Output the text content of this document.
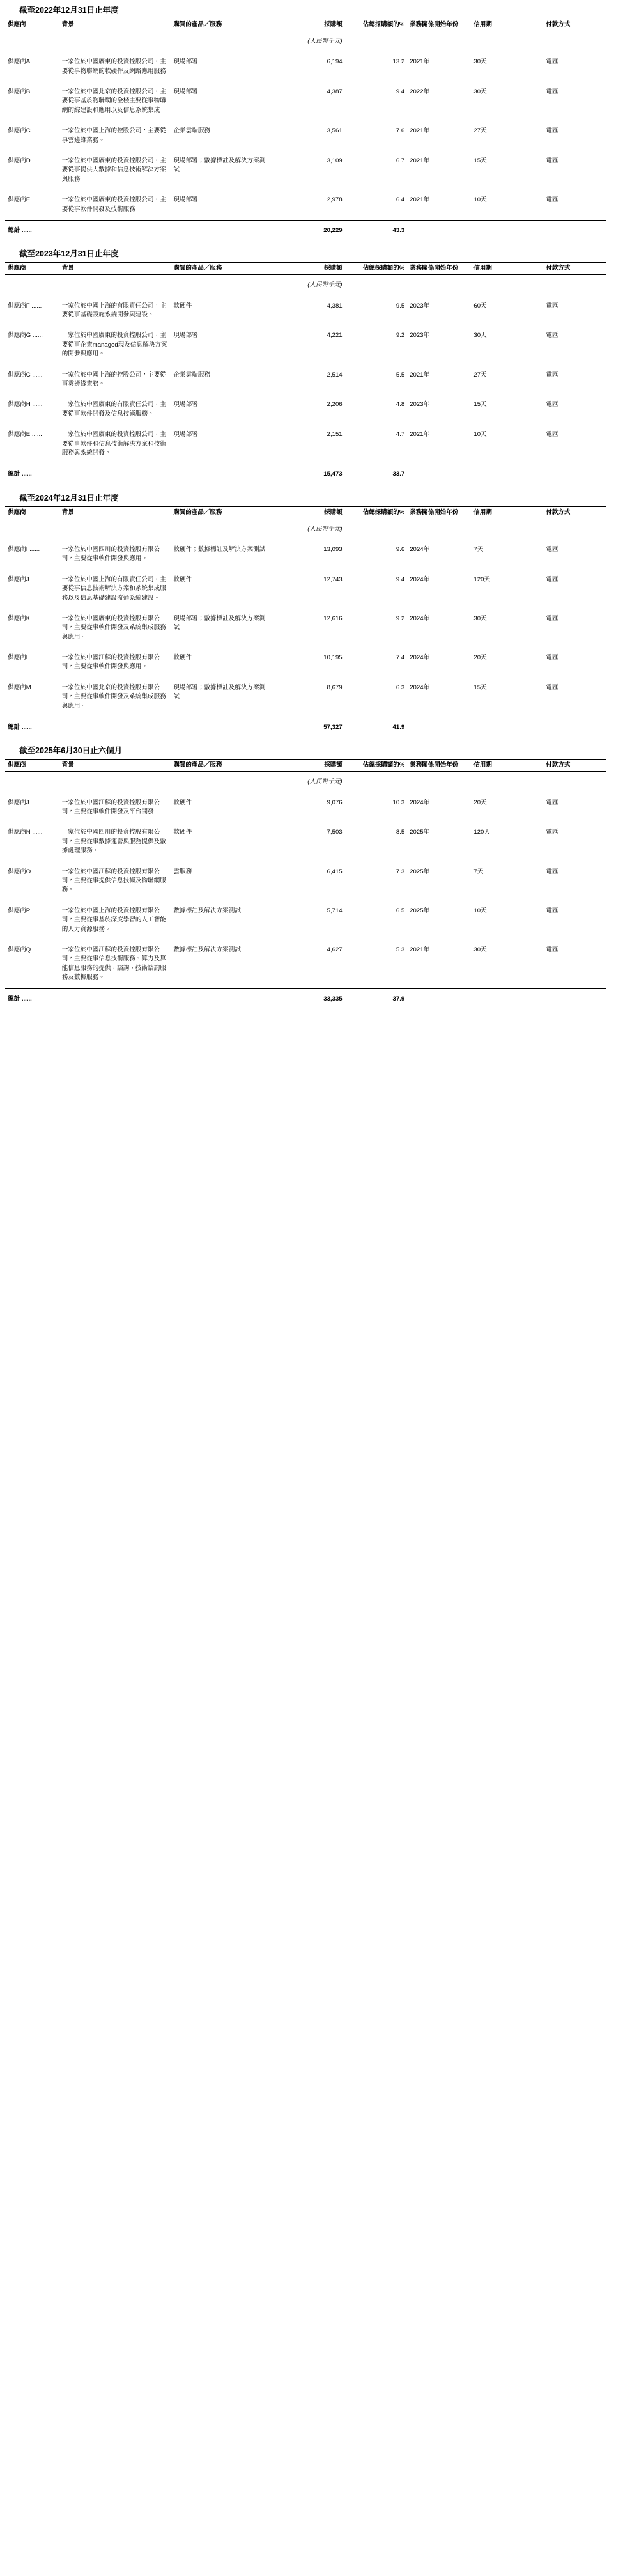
截至2022年12月31日止年度
供應商	背景	購買的產品／服務	採購額	佔總採購額的%	業務關係開始年份	信用期	付款方式
			(人民幣千元)				
供應商A ......	一家位於中國廣東的投資控股公司，主要從事物聯網的軟硬件及網路應用服務	現場部署	6,194	13.2	2021年	30天	電匯
供應商B ......	一家位於中國北京的投資控股公司，主要從事基於物聯網的全棧主要從事物聯網的綜建設和應用以及信息系統集成	現場部署	4,387	9.4	2022年	30天	電匯
供應商C ......	一家位於中國上海的控股公司，主要從事雲邊緣業務。	企業雲端服務	3,561	7.6	2021年	27天	電匯
供應商D ......	一家位於中國廣東的投資控股公司，主要從事提供大數據和信息技術解決方案與服務	現場部署；數據標註及解決方案測試	3,109	6.7	2021年	15天	電匯
供應商E ......	一家位於中國廣東的投資控股公司，主要從事軟件開發及技術服務	現場部署	2,978	6.4	2021年	10天	電匯
總計 ......			20,229	43.3			
截至2023年12月31日止年度
供應商	背景	購買的產品／服務	採購額	佔總採購額的%	業務關係開始年份	信用期	付款方式
			(人民幣千元)				
供應商F ......	一家位於中國上海的有限責任公司，主要從事基礎設施系統開發與建設。	軟硬件	4,381	9.5	2023年	60天	電匯
供應商G ......	一家位於中國廣東的投資控股公司，主要從事企業managed現及信息解決方案的開發與應用。	現場部署	4,221	9.2	2023年	30天	電匯
供應商C ......	一家位於中國上海的控股公司，主要從事雲邊緣業務。	企業雲端服務	2,514	5.5	2021年	27天	電匯
供應商H ......	一家位於中國廣東的有限責任公司，主要從事軟件開發及信息技術服務。	現場部署	2,206	4.8	2023年	15天	電匯
供應商E ......	一家位於中國廣東的投資控股公司，主要從事軟件和信息技術解決方案和技術服務與系統開發。	現場部署	2,151	4.7	2021年	10天	電匯
總計 ......			15,473	33.7			
截至2024年12月31日止年度
供應商	背景	購買的產品／服務	採購額	佔總採購額的%	業務關係開始年份	信用期	付款方式
			(人民幣千元)				
供應商I ......	一家位於中國四川的投資控股有限公司，主要從事軟件開發與應用。	軟硬件；數據標註及解決方案測試	13,093	9.6	2024年	7天	電匯
供應商J ......	一家位於中國上海的有限責任公司，主要從事信息技術解決方案和系統集成服務以及信息基礎建設流通系統建設。	軟硬件	12,743	9.4	2024年	120天	電匯
供應商K ......	一家位於中國廣東的投資控股有限公司，主要從事軟件開發及系統集成服務與應用。	現場部署；數據標註及解決方案測試	12,616	9.2	2024年	30天	電匯
供應商L ......	一家位於中國江蘇的投資控股有限公司，主要從事軟件開發與應用。	軟硬件	10,195	7.4	2024年	20天	電匯
供應商M ......	一家位於中國北京的投資控股有限公司，主要從事軟件開發及系統集成服務與應用。	現場部署；數據標註及解決方案測試	8,679	6.3	2024年	15天	電匯
總計 ......			57,327	41.9			
截至2025年6月30日止六個月
供應商	背景	購買的產品／服務	採購額	佔總採購額的%	業務關係開始年份	信用期	付款方式
			(人民幣千元)				
供應商J ......	一家位於中國江蘇的投資控股有限公司，主要從事軟件開發及平台開發	軟硬件	9,076	10.3	2024年	20天	電匯
供應商N ......	一家位於中國四川的投資控股有限公司，主要從事數據運營與服務提供及數據處理服務。	軟硬件	7,503	8.5	2025年	120天	電匯
供應商O ......	一家位於中國江蘇的投資控股有限公司，主要從事提供信息技術及物聯網服務。	雲服務	6,415	7.3	2025年	7天	電匯
供應商P ......	一家位於中國上海的投資控股有限公司，主要從事基於深度學習的人工智能的人力資源服務。	數據標註及解決方案測試	5,714	6.5	2025年	10天	電匯
供應商Q ......	一家位於中國江蘇的投資控股有限公司，主要從事信息技術服務、算力及算能信息服務的提供，諮詢、技術諮詢服務及數據服務。	數據標註及解決方案測試	4,627	5.3	2021年	30天	電匯
總計 ......			33,335	37.9			
